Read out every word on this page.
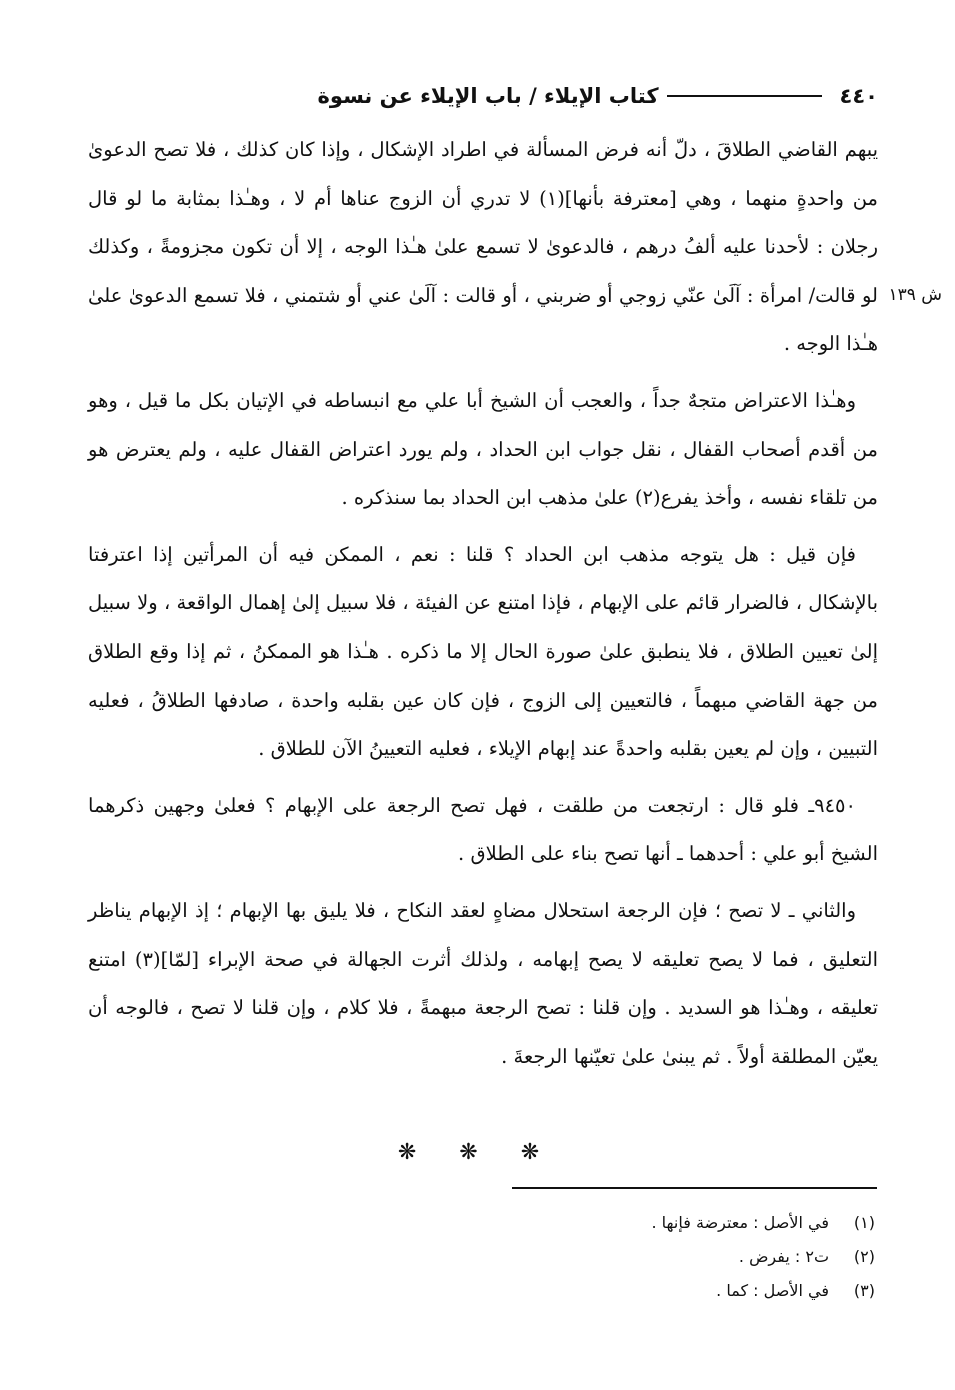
٤٤٠
كتاب الإيلاء / باب الإيلاء عن نسوة
ش ١٣٩

يبهم القاضي الطلاقَ ، دلّ أنه فرض المسألة في اطراد الإشكال ، وإذا كان كذلك ، فلا تصح الدعوىٰ من واحدةٍ منهما ، وهي [معترفة بأنها](١) لا تدري أن الزوج عناها أم لا ، وهـٰذا بمثابة ما لو قال رجلان : لأحدنا عليه ألفُ درهم ، فالدعوىٰ لا تسمع علىٰ هـٰذا الوجه ، إلا أن تكون مجزومةً ، وكذلك لو قالت/ امرأة : آلَىٰ عنّي زوجي أو ضربني ، أو قالت : آلَىٰ عني أو شتمني ، فلا تسمع الدعوىٰ علىٰ هـٰذا الوجه .

وهـٰذا الاعتراض متجهٌ جداً ، والعجب أن الشيخ أبا علي مع انبساطه في الإتيان بكل ما قيل ، وهو من أقدم أصحاب القفال ، نقل جواب ابن الحداد ، ولم يورد اعتراض القفال عليه ، ولم يعترض هو من تلقاء نفسه ، وأخذ يفرع(٢) علىٰ مذهب ابن الحداد بما سنذكره .

فإن قيل : هل يتوجه مذهب ابن الحداد ؟ قلنا : نعم ، الممكن فيه أن المرأتين إذا اعترفتا بالإشكال ، فالضرار قائم على الإبهام ، فإذا امتنع عن الفيئة ، فلا سبيل إلىٰ إهمال الواقعة ، ولا سبيل إلىٰ تعيين الطلاق ، فلا ينطبق علىٰ صورة الحال إلا ما ذكره . هـٰذا هو الممكنُ ، ثم إذا وقع الطلاق من جهة القاضي مبهماً ، فالتعيين إلى الزوج ، فإن كان عين بقلبه واحدة ، صادفها الطلاقُ ، فعليه التبيين ، وإن لم يعين بقلبه واحدةً عند إبهام الإيلاء ، فعليه التعيينُ الآن للطلاق .

٩٤٥٠ـ فلو قال : ارتجعت من طلقت ، فهل تصح الرجعة على الإبهام ؟ فعلىٰ وجهين ذكرهما الشيخ أبو علي : أحدهما ـ أنها تصح بناء على الطلاق .

والثاني ـ لا تصح ؛ فإن الرجعة استحلال مضاهٍ لعقد النكاح ، فلا يليق بها الإبهام ؛ إذ الإبهام يناظر التعليق ، فما لا يصح تعليقه لا يصح إبهامه ، ولذلك أثرت الجهالة في صحة الإبراء [لمّا](٣) امتنع تعليقه ، وهـٰذا هو السديد . وإن قلنا : تصح الرجعة مبهمةً ، فلا كلام ، وإن قلنا لا تصح ، فالوجه أن يعيّن المطلقة أولاً . ثم يبنىٰ علىٰ تعيّنها الرجعةَ .

❋ ❋ ❋
(١)
في الأصل : معترضة فإنها .
(٢)
ت٢ : يفرض .
(٣)
في الأصل : كما .
